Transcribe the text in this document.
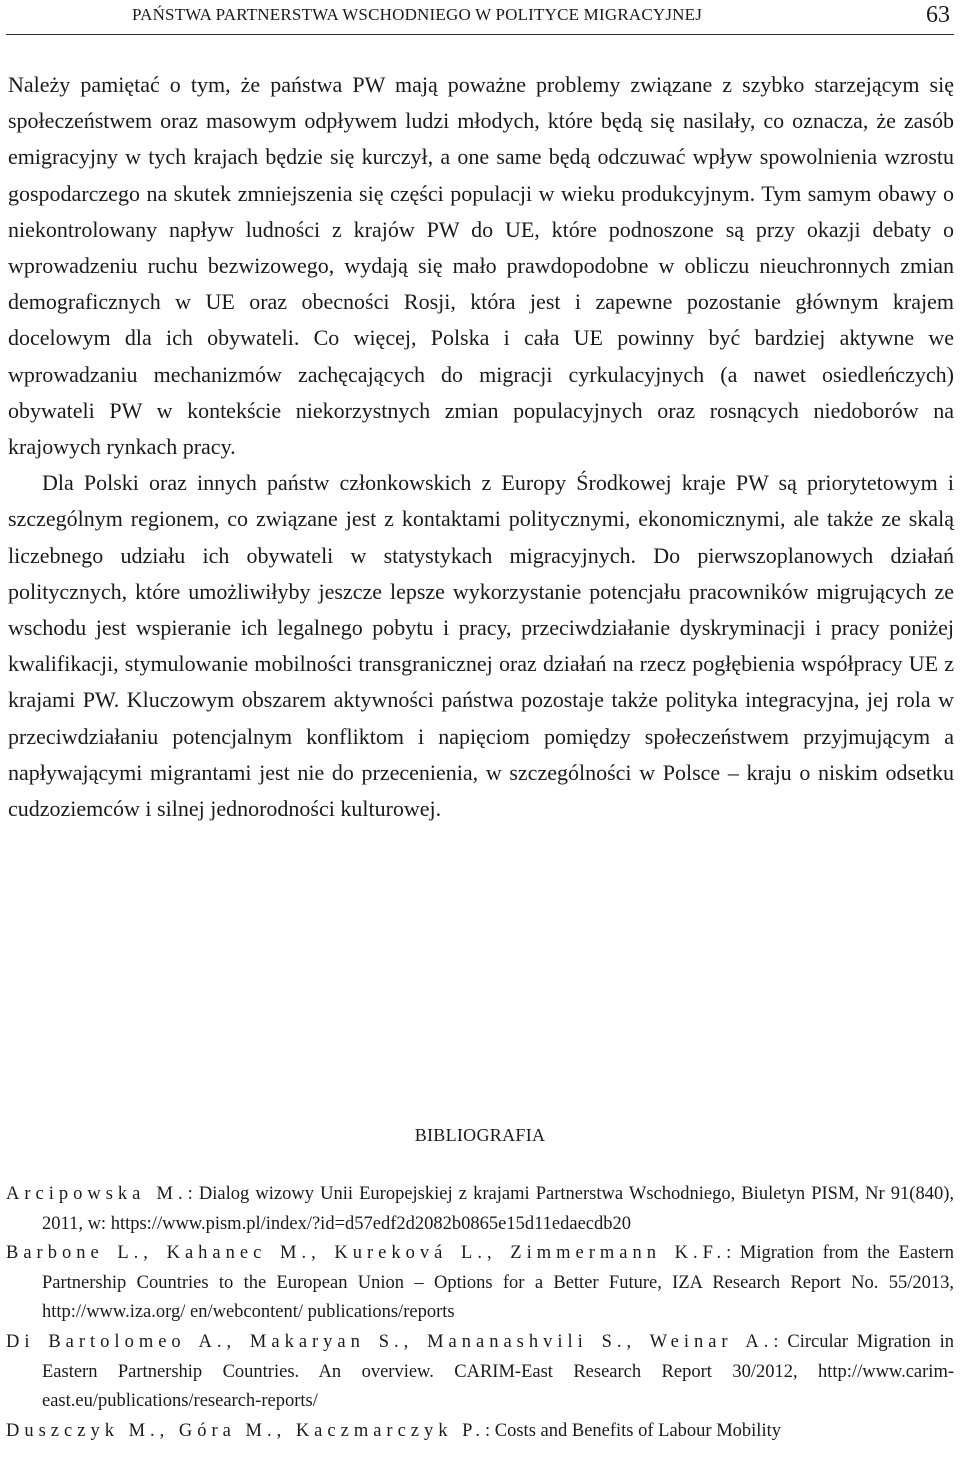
PAŃSTWA PARTNERSTWA WSCHODNIEGO W POLITYCE MIGRACYJNEJ	63

Należy pamiętać o tym, że państwa PW mają poważne problemy związane z szybko starzejącym się społeczeństwem oraz masowym odpływem ludzi młodych, które będą się nasilały, co oznacza, że zasób emigracyjny w tych krajach będzie się kurczył, a one same będą odczuwać wpływ spowolnienia wzrostu gospodarczego na skutek zmniejszenia się części populacji w wieku produkcyjnym. Tym samym obawy o niekontrolowany napływ ludności z krajów PW do UE, które podnoszone są przy okazji debaty o wprowadzeniu ruchu bezwizowego, wydają się mało prawdopodobne w obliczu nieuchronnych zmian demograficznych w UE oraz obecności Rosji, która jest i zapewne pozostanie głównym krajem docelowym dla ich obywateli. Co więcej, Polska i cała UE powinny być bardziej aktywne we wprowadzaniu mechanizmów zachęcających do migracji cyrkulacyjnych (a nawet osiedleńczych) obywateli PW w kontekście niekorzystnych zmian populacyjnych oraz rosnących niedoborów na krajowych rynkach pracy.

Dla Polski oraz innych państw członkowskich z Europy Środkowej kraje PW są priorytetowym i szczególnym regionem, co związane jest z kontaktami politycznymi, ekonomicznymi, ale także ze skalą liczebnego udziału ich obywateli w statystykach migracyjnych. Do pierwszoplanowych działań politycznych, które umożliwiłyby jeszcze lepsze wykorzystanie potencjału pracowników migrujących ze wschodu jest wspieranie ich legalnego pobytu i pracy, przeciwdziałanie dyskryminacji i pracy poniżej kwalifikacji, stymulowanie mobilności transgranicznej oraz działań na rzecz pogłębienia współpracy UE z krajami PW. Kluczowym obszarem aktywności państwa pozostaje także polityka integracyjna, jej rola w przeciwdziałaniu potencjalnym konfliktom i napięciom pomiędzy społeczeństwem przyjmującym a napływającymi migrantami jest nie do przecenienia, w szczególności w Polsce – kraju o niskim odsetku cudzoziemców i silnej jednorodności kulturowej.

BIBLIOGRAFIA

Arcipowska M.: Dialog wizowy Unii Europejskiej z krajami Partnerstwa Wschodniego, Biuletyn PISM, Nr 91(840), 2011, w: https://www.pism.pl/index/?id=d57edf2d2082b0865e15d11edaecdb20

Barbone L., Kahanec M., Kureková L., Zimmermann K.F.: Migration from the Eastern Partnership Countries to the European Union – Options for a Better Future, IZA Research Report No. 55/2013, http://www.iza.org/ en/webcontent/ publications/reports

Di Bartolomeo A., Makaryan S., Mananashvili S., Weinar A.: Circular Migration in Eastern Partnership Countries. An overview. CARIM-East Research Report 30/2012, http://www.carim-east.eu/publications/research-reports/

Duszczyk M., Góra M., Kaczmarczyk P.: Costs and Benefits of Labour Mobility
